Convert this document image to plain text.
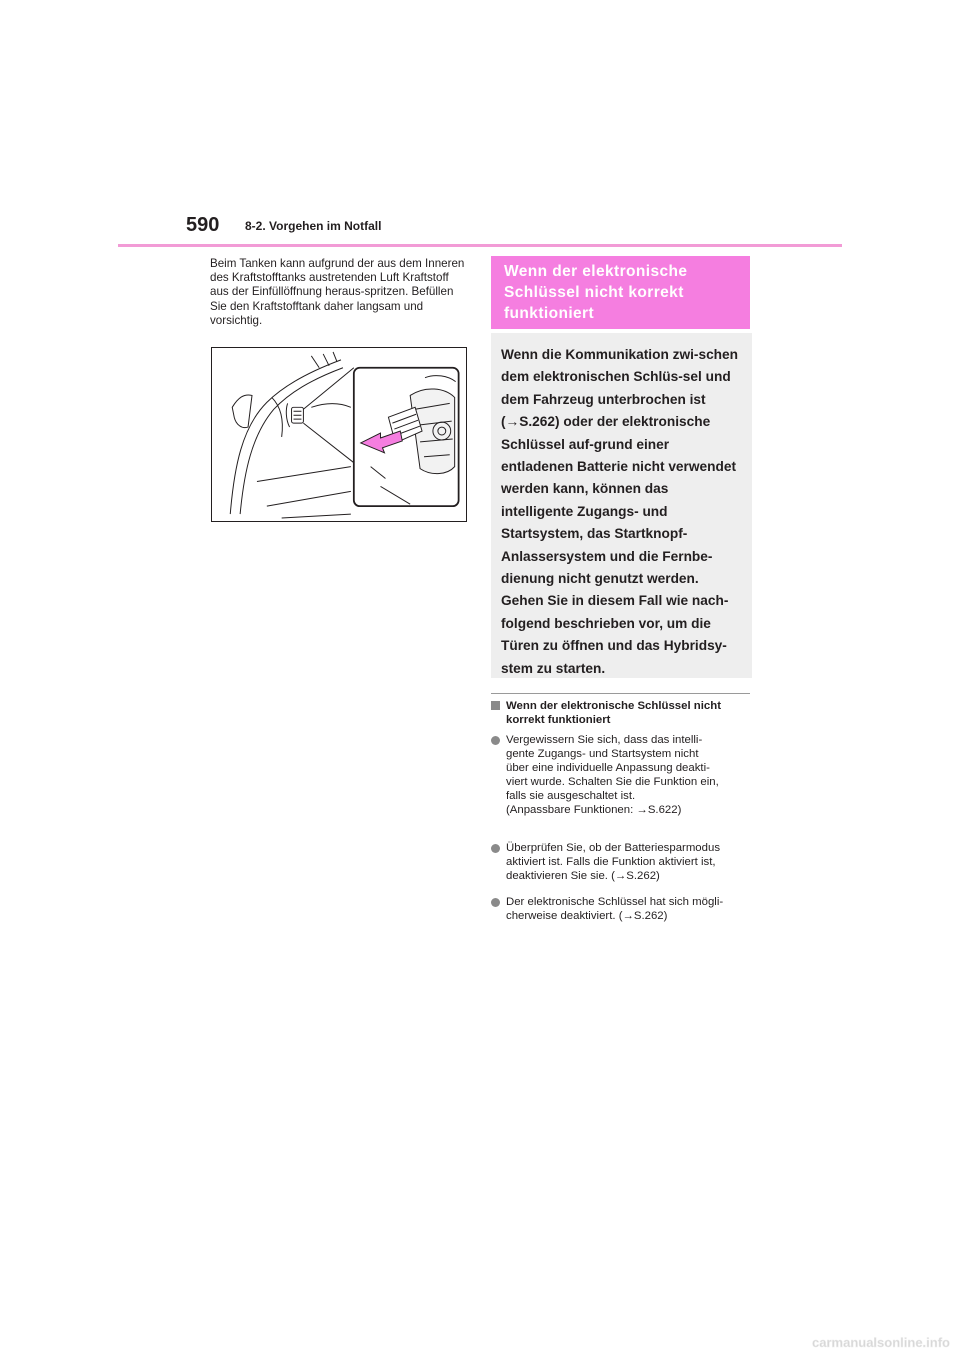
590 8-2. Vorgehen im Notfall

Beim Tanken kann aufgrund der aus dem Inneren des Kraftstofftanks austretenden Luft Kraftstoff aus der Einfüllöffnung heraus-spritzen. Befüllen Sie den Kraftstofftank daher langsam und vorsichtig.

Wenn der elektronische Schlüssel nicht korrekt funktioniert

Wenn die Kommunikation zwi-schen dem elektronischen Schlüs-sel und dem Fahrzeug unterbrochen ist (→S.262) oder der elektronische Schlüssel auf-grund einer entladenen Batterie nicht verwendet werden kann, können das intelligente Zugangs- und Startsystem, das Startknopf-Anlassersystem und die Fernbe-dienung nicht genutzt werden. Gehen Sie in diesem Fall wie nach-folgend beschrieben vor, um die Türen zu öffnen und das Hybridsy-stem zu starten.

Wenn der elektronische Schlüssel nicht korrekt funktioniert
Vergewissern Sie sich, dass das intelli-
gente Zugangs- und Startsystem nicht
über eine individuelle Anpassung deakti-
viert wurde. Schalten Sie die Funktion ein,
falls sie ausgeschaltet ist.
(Anpassbare Funktionen: →S.622)
Überprüfen Sie, ob der Batteriesparmodus
aktiviert ist. Falls die Funktion aktiviert ist,
deaktivieren Sie sie. (→S.262)
Der elektronische Schlüssel hat sich mögli-
cherweise deaktiviert. (→S.262)
carmanualsonline.info
